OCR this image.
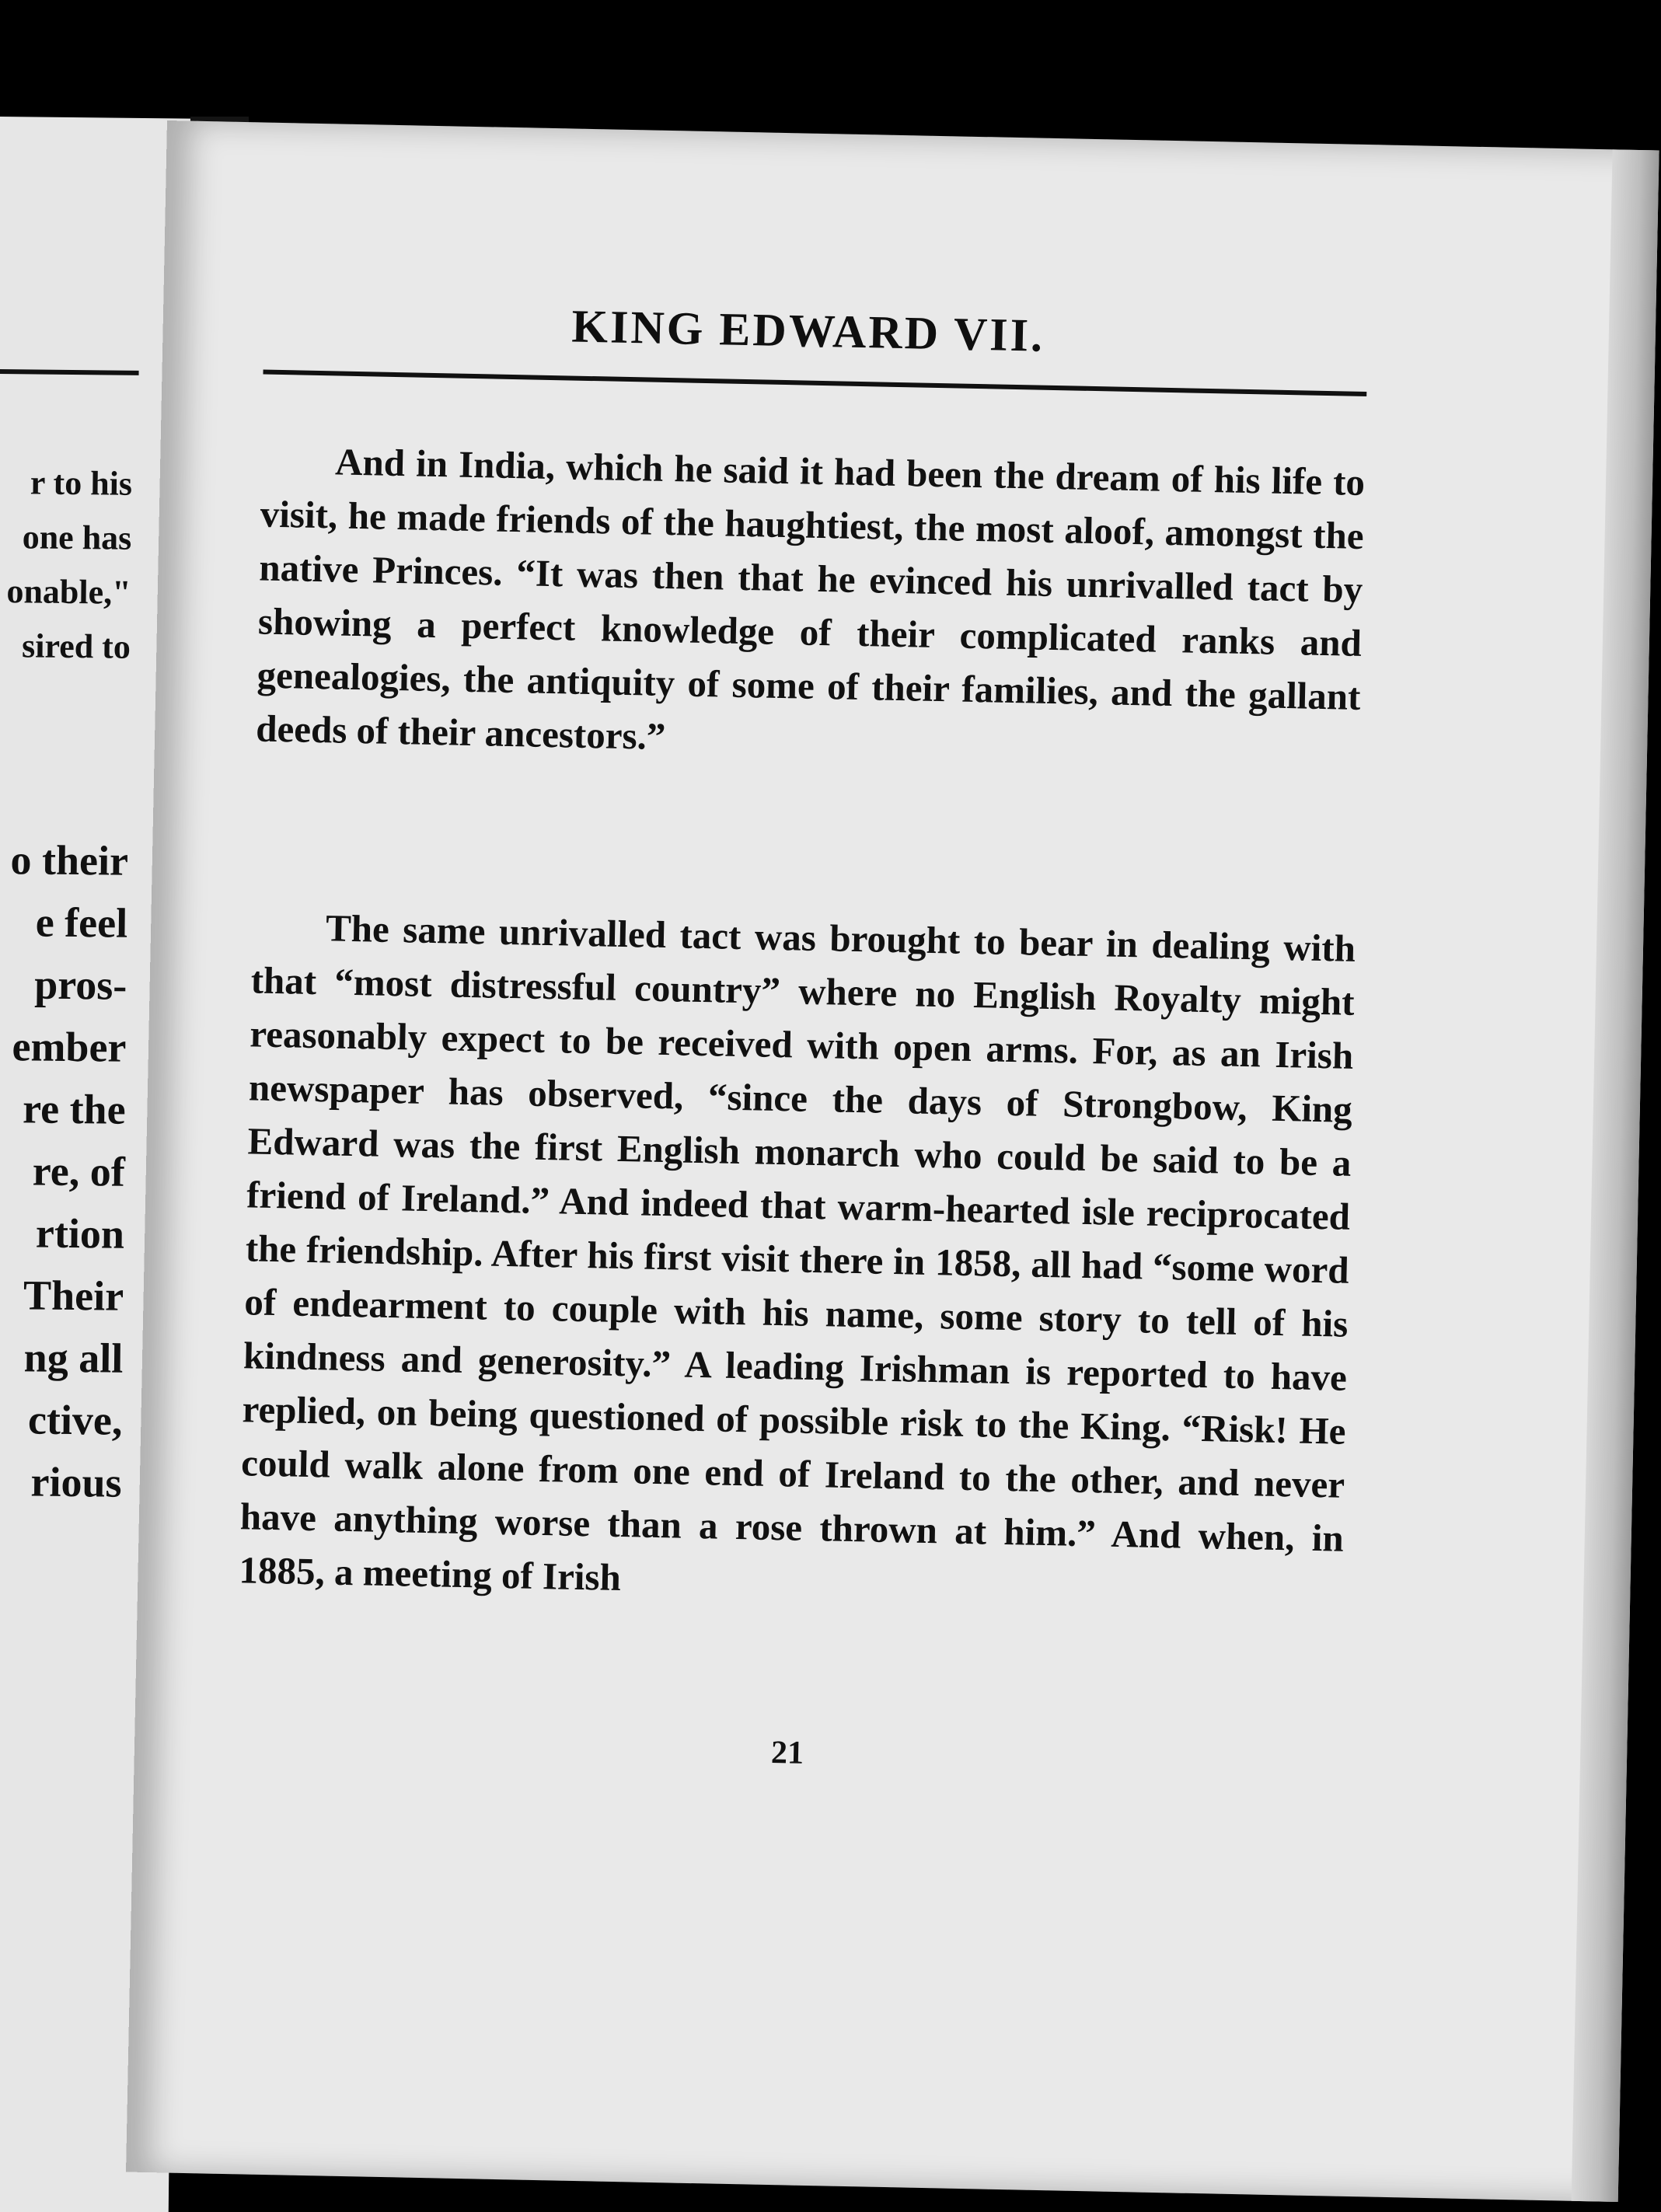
r to his
one has
onable,"
sired to
o their
e feel
pros-
ember
re the
re, of
rtion
Their
ng all
ctive,
rious
KING EDWARD VII.

And in India, which he said it had been the dream of his life to visit, he made friends of the haughtiest, the most aloof, amongst the native Princes. “It was then that he evinced his unrivalled tact by showing a perfect knowledge of their complicated ranks and genealogies, the antiquity of some of their families, and the gallant deeds of their ancestors.”

The same unrivalled tact was brought to bear in dealing with that “most distressful country” where no English Royalty might reasonably expect to be received with open arms. For, as an Irish newspaper has observed, “since the days of Strongbow, King Edward was the first English monarch who could be said to be a friend of Ireland.” And indeed that warm-hearted isle reciprocated the friendship. After his first visit there in 1858, all had “some word of endearment to couple with his name, some story to tell of his kindness and generosity.” A leading Irishman is reported to have replied, on being questioned of possible risk to the King. “Risk! He could walk alone from one end of Ireland to the other, and never have anything worse than a rose thrown at him.” And when, in 1885, a meeting of Irish

21
